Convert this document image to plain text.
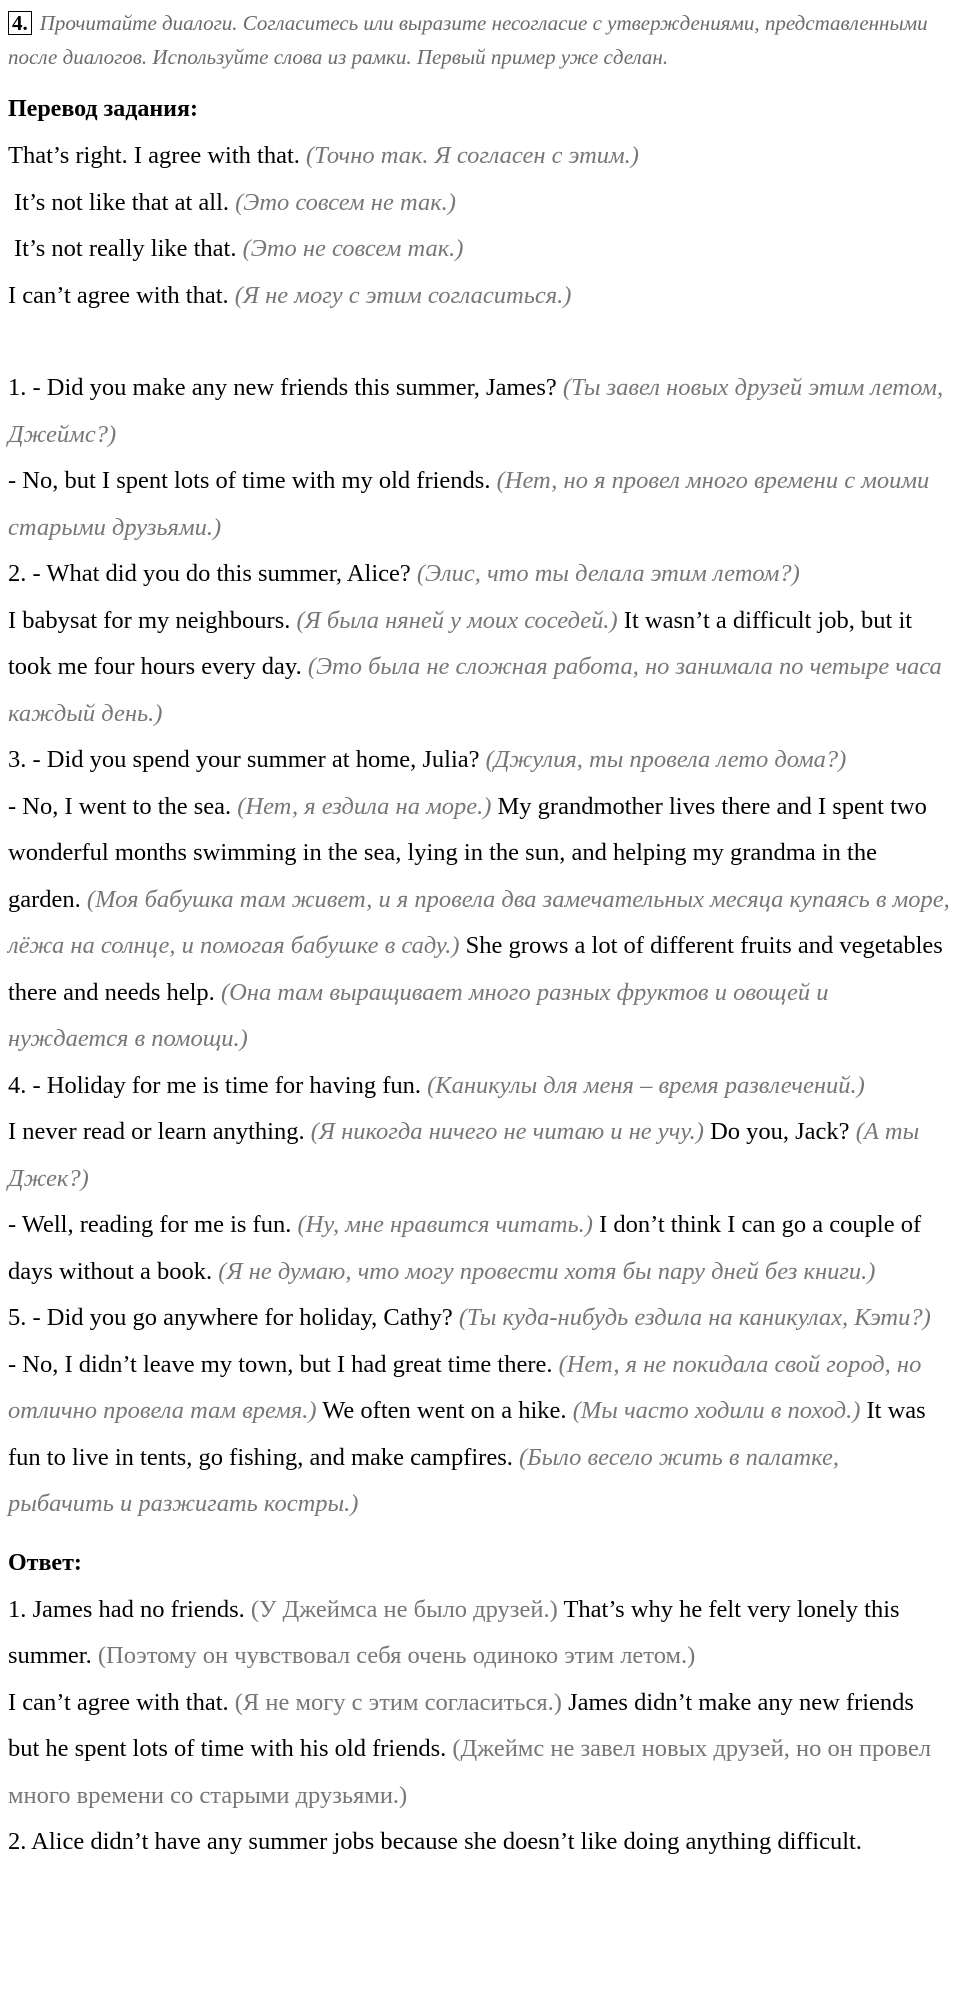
4. Прочитайте диалоги. Согласитесь или выразите несогласие с утверждениями, представленными после диалогов. Используйте слова из рамки. Первый пример уже сделан.
Перевод задания:

That’s right. I agree with that. (Точно так. Я согласен с этим.)

It’s not like that at all. (Это совсем не так.)

It’s not really like that. (Это не совсем так.)

I can’t agree with that. (Я не могу с этим согласиться.)

1. - Did you make any new friends this summer, James? (Ты завел новых друзей этим летом, Джеймс?)

- No, but I spent lots of time with my old friends. (Нет, но я провел много времени с моими старыми друзьями.)

2. - What did you do this summer, Alice? (Элис, что ты делала этим летом?)

I babysat for my neighbours. (Я была няней у моих соседей.) It wasn’t a difficult job, but it took me four hours every day. (Это была не сложная работа, но занимала по четыре часа каждый день.)

3. - Did you spend your summer at home, Julia? (Джулия, ты провела лето дома?)

- No, I went to the sea. (Нет, я ездила на море.) My grandmother lives there and I spent two wonderful months swimming in the sea, lying in the sun, and helping my grandma in the garden. (Моя бабушка там живет, и я провела два замечательных месяца купаясь в море, лёжа на солнце, и помогая бабушке в саду.) She grows a lot of different fruits and vegetables there and needs help. (Она там выращивает много разных фруктов и овощей и нуждается в помощи.)

4. - Holiday for me is time for having fun. (Каникулы для меня – время развлечений.)

I never read or learn anything. (Я никогда ничего не читаю и не учу.) Do you, Jack? (А ты Джек?)

- Well, reading for me is fun. (Ну, мне нравится читать.) I don’t think I can go a couple of days without a book. (Я не думаю, что могу провести хотя бы пару дней без книги.)

5. - Did you go anywhere for holiday, Cathy? (Ты куда-нибудь ездила на каникулах, Кэти?)

- No, I didn’t leave my town, but I had great time there. (Нет, я не покидала свой город, но отлично провела там время.) We often went on a hike. (Мы часто ходили в поход.) It was fun to live in tents, go fishing, and make campfires. (Было весело жить в палатке, рыбачить и разжигать костры.)

Ответ:

1. James had no friends. (У Джеймса не было друзей.) That’s why he felt very lonely this summer. (Поэтому он чувствовал себя очень одиноко этим летом.)

I can’t agree with that. (Я не могу с этим согласиться.) James didn’t make any new friends but he spent lots of time with his old friends. (Джеймс не завел новых друзей, но он провел много времени со старыми друзьями.)

2. Alice didn’t have any summer jobs because she doesn’t like doing anything difficult.
